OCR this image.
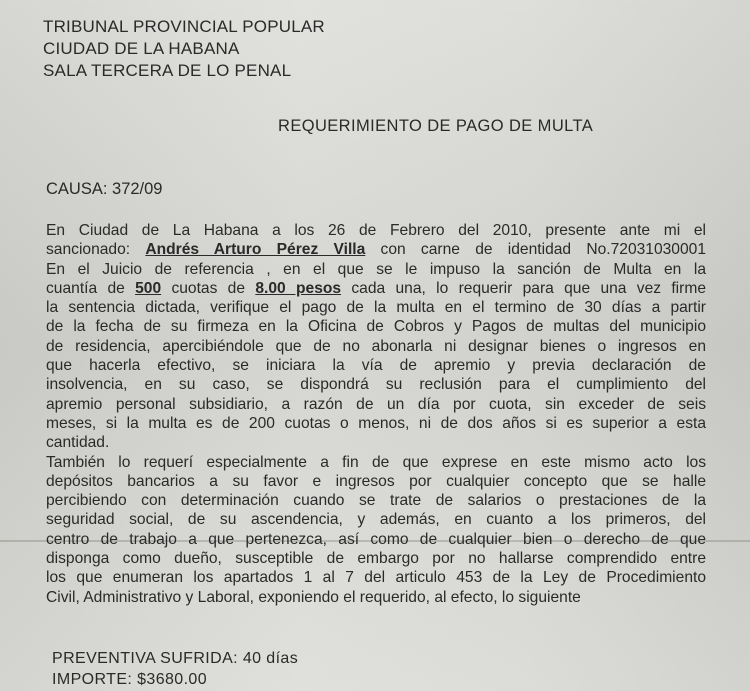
TRIBUNAL PROVINCIAL POPULAR
CIUDAD DE LA HABANA
SALA TERCERA DE LO PENAL
REQUERIMIENTO DE PAGO DE MULTA
CAUSA: 372/09
En Ciudad de La Habana a los 26 de Febrero del 2010, presente ante mi el
sancionado: Andrés Arturo Pérez Villa con carne de identidad No.72031030001
En el Juicio de referencia , en el que se le impuso la sanción de Multa en la
cuantía de 500 cuotas de 8.00 pesos cada una, lo requerir para que una vez firme
la sentencia dictada, verifique el pago de la multa en el termino de 30 días a partir
de la fecha de su firmeza en la Oficina de Cobros y Pagos de multas del municipio
de residencia, apercibiéndole que de no abonarla ni designar bienes o ingresos en
que hacerla efectivo, se iniciara la vía de apremio y previa declaración de
insolvencia, en su caso, se dispondrá su reclusión para el cumplimiento del
apremio personal subsidiario, a razón de un día por cuota, sin exceder de seis
meses, si la multa es de 200 cuotas o menos, ni de dos años si es superior a esta
cantidad.
También lo requerí especialmente a fin de que exprese en este mismo acto los
depósitos bancarios a su favor e ingresos por cualquier concepto que se halle
percibiendo con determinación cuando se trate de salarios o prestaciones de la
seguridad social, de su ascendencia, y además, en cuanto a los primeros, del
centro de trabajo a que pertenezca, así como de cualquier bien o derecho de que
disponga como dueño, susceptible de embargo por no hallarse comprendido entre
los que enumeran los apartados 1 al 7 del articulo 453 de la Ley de Procedimiento
Civil, Administrativo y Laboral, exponiendo el requerido, al efecto, lo siguiente
PREVENTIVA SUFRIDA: 40 días
IMPORTE: $3680.00
